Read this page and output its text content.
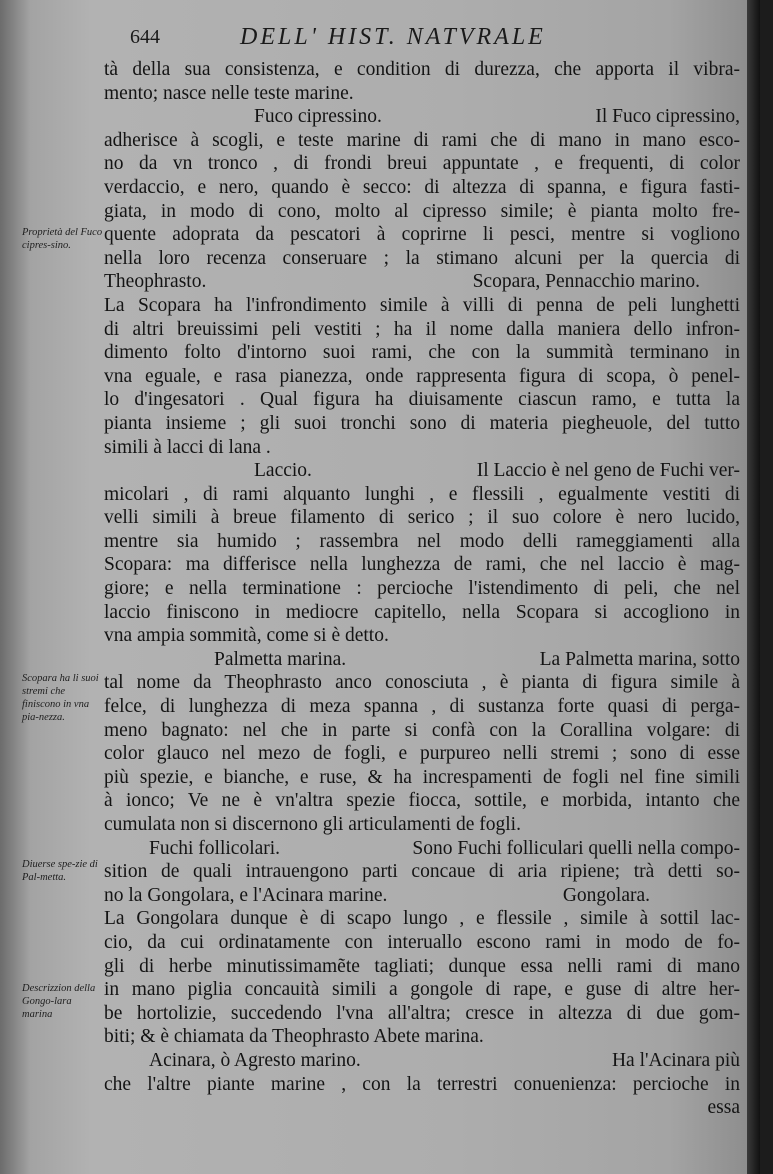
644	DELL' HIST. NATVRALE
Proprietà del Fuco cipres-sino.
Scopara ha li suoi stremi che finiscono in vna pia-nezza.
Diuerse spe-zie di Pal-metta.
Descrizzion della Gongo-lara marina
tà della sua consistenza, e condition di durezza, che apporta il vibra-
mento; nasce nelle teste marine.
Fuco cipressino.	Il Fuco cipressino,
adherisce à scogli, e teste marine di rami che di mano in mano esco-
no da vn tronco , di frondi breui appuntate , e frequenti, di color
verdaccio, e nero, quando è secco: di altezza di spanna, e figura fasti-
giata, in modo di cono, molto al cipresso simile; è pianta molto fre-
quente adoprata da pescatori à coprirne li pesci, mentre si vogliono
nella loro recenza conseruare ; la stimano alcuni per la quercia di
Theophrasto.	Scopara, Pennacchio marino.
La Scopara ha l'infrondimento simile à villi di penna de peli lunghetti
di altri breuissimi peli vestiti ; ha il nome dalla maniera dello infron-
dimento folto d'intorno suoi rami, che con la summità terminano in
vna eguale, e rasa pianezza, onde rappresenta figura di scopa, ò penel-
lo d'ingesatori . Qual figura ha diuisamente ciascun ramo, e tutta la
pianta insieme ; gli suoi tronchi sono di materia piegheuole, del tutto
simili à lacci di lana .
Laccio.	Il Laccio è nel geno de Fuchi ver-
micolari , di rami alquanto lunghi , e flessili , egualmente vestiti di
velli simili à breue filamento di serico ; il suo colore è nero lucido,
mentre sia humido ; rassembra nel modo delli rameggiamenti alla
Scopara: ma differisce nella lunghezza de rami, che nel laccio è mag-
giore; e nella terminatione : percioche l'istendimento di peli, che nel
laccio finiscono in mediocre capitello, nella Scopara si accogliono in
vna ampia sommità, come si è detto.
Palmetta marina.	La Palmetta marina, sotto
tal nome da Theophrasto anco conosciuta , è pianta di figura simile à
felce, di lunghezza di meza spanna , di sustanza forte quasi di perga-
meno bagnato: nel che in parte si confà con la Corallina volgare: di
color glauco nel mezo de fogli, e purpureo nelli stremi ; sono di esse
più spezie, e bianche, e ruse, & ha increspamenti de fogli nel fine simili
à ionco; Ve ne è vn'altra spezie fiocca, sottile, e morbida, intanto che
cumulata non si discernono gli articulamenti de fogli.
Fuchi follicolari.	Sono Fuchi folliculari quelli nella compo-
sition de quali intrauengono parti concaue di aria ripiene; trà detti so-
no la Gongolara, e l'Acinara marine.	Gongolara.
La Gongolara dunque è di scapo lungo , e flessile , simile à sottil lac-
cio, da cui ordinatamente con interuallo escono rami in modo de fo-
gli di herbe minutissimamẽte tagliati; dunque essa nelli rami di mano
in mano piglia concauità simili a gongole di rape, e guse di altre her-
be hortolizie, succedendo l'vna all'altra; cresce in altezza di due gom-
biti; & è chiamata da Theophrasto Abete marina.
Acinara, ò Agresto marino.	Ha l'Acinara più
che l'altre piante marine , con la terrestri conuenienza: percioche in
essa
